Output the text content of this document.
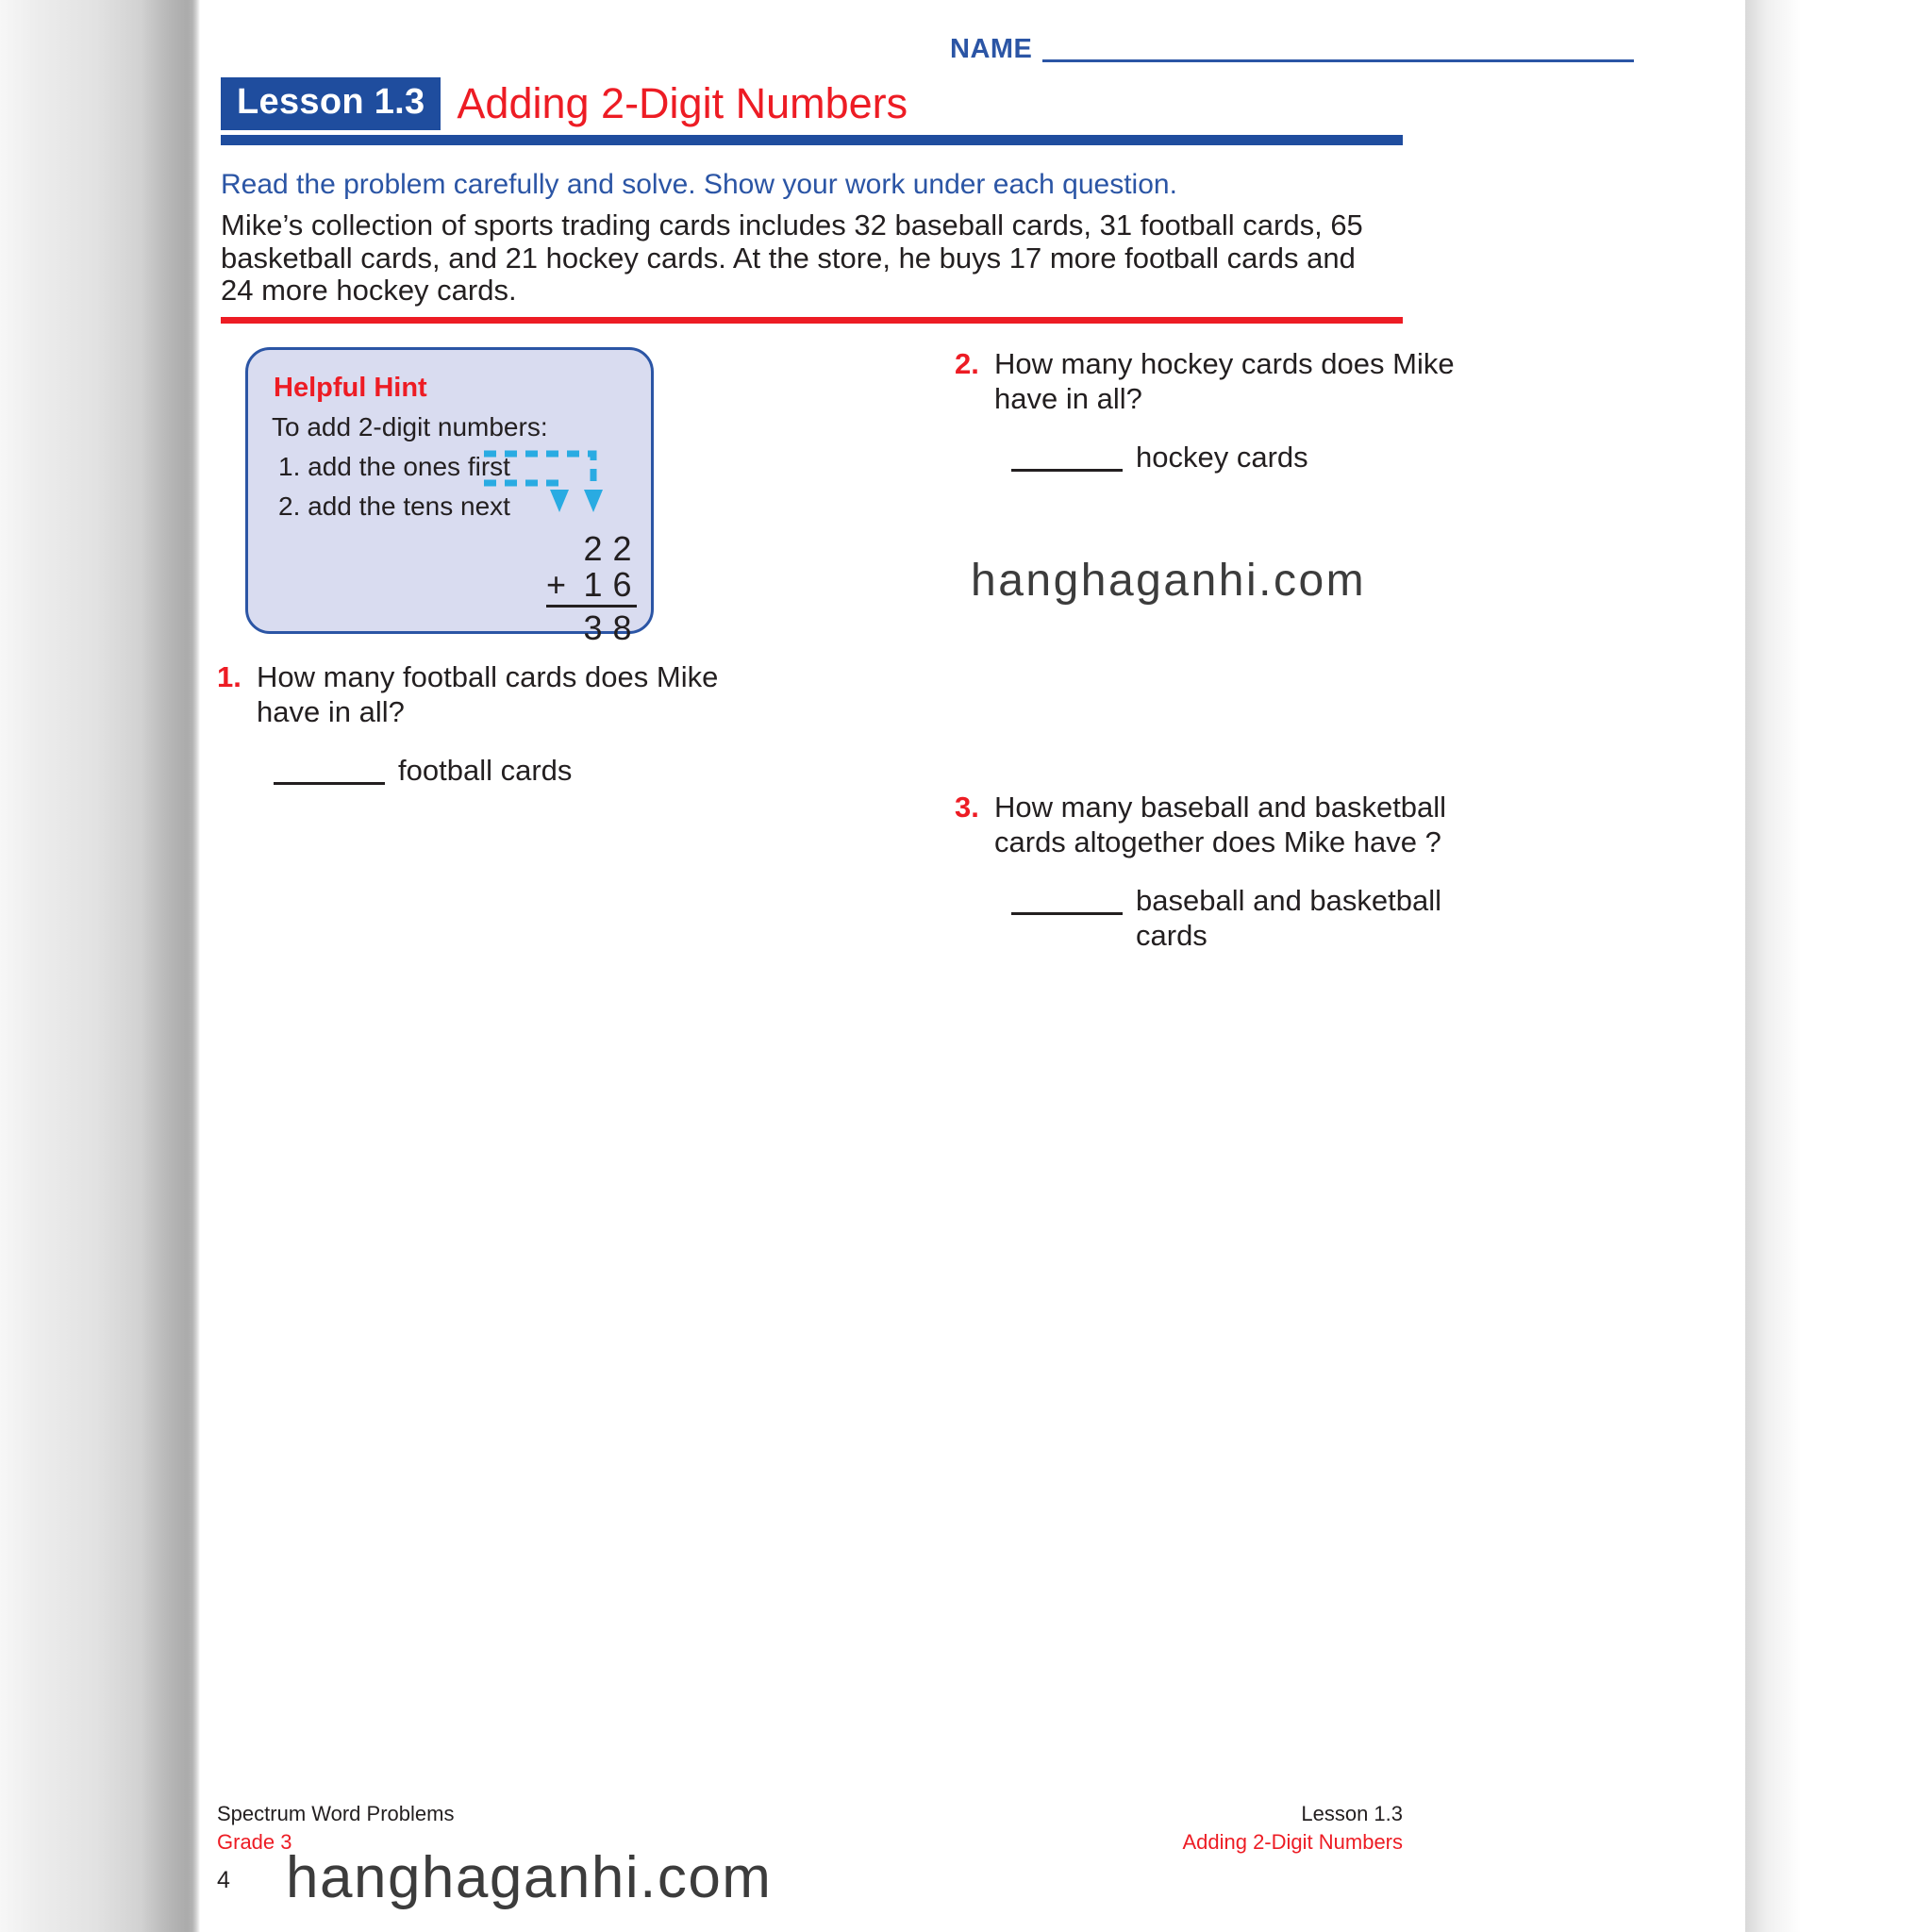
NAME
Lesson 1.3 Adding 2-Digit Numbers
Read the problem carefully and solve. Show your work under each question.
Mike’s collection of sports trading cards includes 32 baseball cards, 31 football cards, 65 basketball cards, and 21 hockey cards. At the store, he buys 17 more football cards and 24 more hockey cards.
Helpful Hint
To add 2-digit numbers:
1. add the ones first
2. add the tens next
2 2
+ 1 6
3 8
1. How many football cards does Mike have in all?
football cards
2. How many hockey cards does Mike have in all?
hockey cards
3. How many baseball and basketball cards altogether does Mike have ?
baseball and basketball cards
hanghaganhi.com
Spectrum Word Problems
Grade 3
4
Lesson 1.3
Adding 2-Digit Numbers
hanghaganhi.com
